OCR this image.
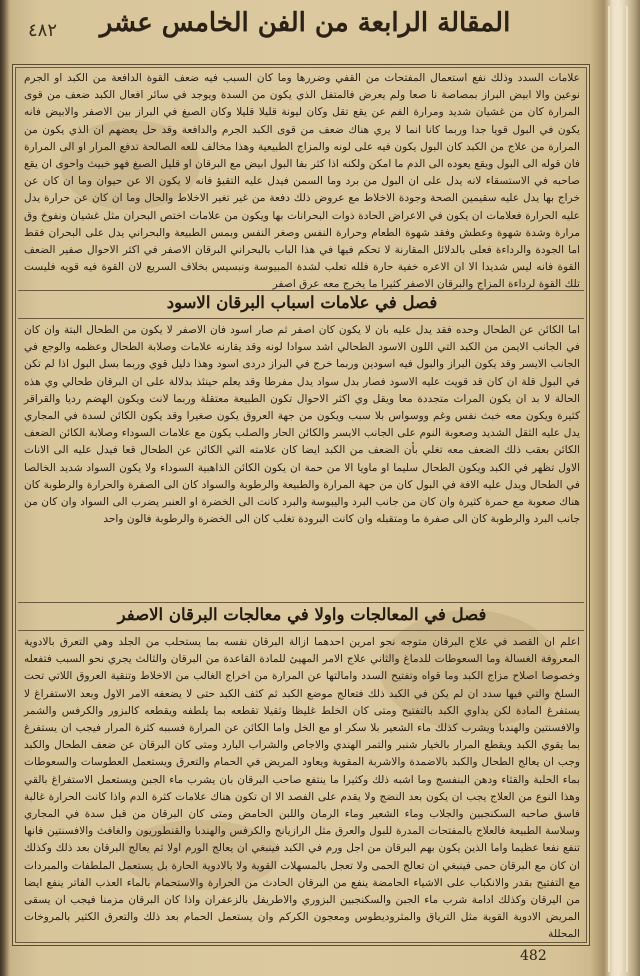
٤٨٢	المقالة الرابعة من الفن الخامس عشر
علامات السدد وذلك نفع استعمال المفتحات من القفي وضررها وما كان السبب فيه ضعف القوة الدافعة من الكبد او الجرم نوعين والا ابيض البراز بمصاصة نا صعا ولم يعرض فالمتفل الذي يكون من السدة ويوجد في سائر افعال الكبد ضعف من قوى المرارة كان من غشيان شديد ومرارة الفم عن يقع تقل وكان ليونة قليلا قليلا وكان الصبغ في البراز بين الاصفر والابيض فانه يكون في البول قويا جدا وربما كانا انما لا يري هناك ضعف من قوى الكبد الجرم والدافعة وقد حل يعضهم ان الذي يكون من المرارة من علاج من الكبد كان البول يكون فيه على لونه والمزاج الطبيعية وهذا مخالف للعه الصالحة تدفع المرار او الى المرارة فان قوله الى البول ويقع يعوده الى الدم ما امكن ولكنه اذا كثر بفا البول ابيض مع البرقان او قليل الصبغ فهو خبيث واحوى ان يقع صاحبه في الاستسقاء لانه يدل على ان البول من برد وما السمن فيدل عليه التقيؤ فانه لا يكون الا عن حيوان وما ان كان عن خراج بها يدل عليه سقيمين الصحة وجودة الاخلاط مع عروض ذلك دفعة من غير تغير الاخلاط والحال وما ان كان عن حرارة يدل عليه الحرارة فعلامات ان يكون في الاعراض الحادة ذوات البحرانات بها ويكون من علامات اختص البحران مثل غشيان ونفوخ وق مرارة وشدة شهوة وعطش وفقد شهوة الطعام وحرارة النفس وصغر النفس وبمس الطبيعة والبحراني يدل على البحران فقط اما الجودة والرداءة فعلى بالدلائل المقارنة لا تحكم فيها في هذا الباب بالبحراني البرقان الاصفر في اكثر الاحوال صفير الضعف القوة فانه ليس شديدا الا ان الاعره خفية حارة فلله تعلب لشدة المبيوسة ونبسيس بخلاف السريع لان القوة فيه قويه فليست تلك القوة لرداءة المزاج والبرقان الاصفر كثيرا ما يخرج معه عرق اصفر
فصل في علامات اسباب البرقان الاسود
اما الكائن عن الطحال وحده فقد يدل عليه بان لا يكون كان اصفر ثم صار اسود فان الاصفر لا يكون من الطحال البتة وان كان في الجانب الايمن من الكبد التي اللون الاسود الطحالي اشد سوادا لونه وقد يقارنه علامات وصلابة الطحال وعظمه والوجع في الجانب الايسر وقد يكون البراز والبول فيه اسودين وربما خرج في البراز دردى اسود وهذا دليل قوي وربما بسل البول اذا لم تكن في البول قلة ان كان قد قويت عليه الاسود فصار بدل سواد يدل مفرطا وقد يعلم حينئذ بدلالة على ان البرقان طحالي وي هذه الحالة لا بد ان يكون المرات متجددة معا ويقل وي اكثر الاحوال تكون الطبيعة معتقلة وربما لانت ويكون الهضم رديا والقراقر كثيرة ويكون معه خبث نفس وغم ووسواس بلا سبب ويكون من جهة العروق يكون صغيرا وقد يكون الكائن لسدة في المجاري يدل عليه الثقل الشديد وصعوبة النوم على الجانب الايسر والكائن الحار والصلب يكون مع علامات السوداء وصلابة الكائن الضعف الكائن بعقب ذلك الضعف معه تغلي بأن الضعف من الكبد ايضا كان علامته التي الكائن عن الطحال قعا فيدل عليه الى الانات الاول تظهر في الكبد ويكون الطحال سليما او ماويا الا من حمة ان يكون الكائن الذاهبية السوداء ولا يكون السواد شديد الخالصا في الطحال ويدل عليه الافة في البول كان من جهة المرارة والطبيعة والرطوبة والسواد كان الى الصفرة والحرارة والرطوبة كان هناك صعوبة مع حمرة كثيرة وان كان من جانب البرد واليبوسة والبرد كانت الى الخضرة او العنبر يضرب الى السواد وان كان من جانب البرد والرطوبة كان الى صفرة ما ومتقبله وان كانت البرودة تغلب كان الى الخضرة والرطوبة فالون واحد
فصل في المعالجات واولا في معالجات البرقان الاصفر
اعلم ان القصد في علاج البرقان متوجه نحو امرين احدهما ازالة البرقان نفسه بما يستحلب من الجلد وهي التعرق بالادوية المعروفة الغسالة وما السعوطات للدماغ والثاني علاج الامر المهيئ للمادة القاعدة من البرقان والثالث يجري نحو السبب فتفعله وخصوصا اصلاح مزاج الكبد وما قواه وتفتيح السدد وامالتها عن المرارة من اخراج الغالب من الاخلاط وتنقية العروق اللاتي تحت السلخ والتي فيها سدد ان لم يكن في الكبد ذلك فتعالج موضع الكبد ثم كثف الكبد حتى لا يضعفه الامر الاول وبعد الاستفراغ لا يستفرغ المادة لكن يداوي الكبد بالتفتيح ومتى كان الخلط غليظا وثقيلا تقطعه بما يلطفه ويقطعه كالبزور والكرفس والشمر والافسنتين والهندبا ويشرب كذلك ماء الشعير بلا سكر او مع الخل واما الكائن عن المرارة فسببه كثرة المرار فيجب ان يستفرغ بما يقوي الكبد ويقطع المرار بالخيار شنبر والتمر الهندي والاجاص والشراب البارد ومتى كان البرقان عن ضعف الطحال والكبد وجب ان يعالج الطحال والكبد بالاضمدة والاشربة المقوية ويعاود المريض في الحمام والتعرق ويستعمل العطوسات والسعوطات بماء الحلبة والقثاء ودهن البنفسج وما اشبه ذلك وكثيرا ما ينتفع صاحب البرقان بان يشرب ماء الجبن ويستعمل الاستفراغ بالقي وهذا النوع من العلاج يجب ان يكون بعد النضج ولا يقدم على الفصد الا ان تكون هناك علامات كثرة الدم واذا كانت الحرارة غالبة فاسق صاحبه السكنجبين والجلاب وماء الشعير وماء الرمان واللبن الحامض ومتى كان البرقان من قبل سدة في المجاري وسلاسة الطبيعة فالعلاج بالمفتحات المدرة للبول والعرق مثل الرازيانج والكرفس والهندبا والقنطوريون والغافث والافسنتين فانها تنفع نفعا عظيما واما الذين يكون بهم البرقان من اجل ورم في الكبد فينبغي ان يعالج الورم اولا ثم يعالج البرقان بعد ذلك وكذلك ان كان مع البرقان حمى فينبغي ان تعالج الحمى ولا تعجل بالمسهلات القوية ولا بالادوية الحارة بل يستعمل الملطفات والمبردات مع التفتيح بقدر والانكباب على الاشياء الحامضة ينفع من البرقان الحادث من الحرارة والاستحمام بالماء العذب الفاتر ينفع ايضا من اليرقان وكذلك ادامة شرب ماء الجبن والسكنجبين البزوري والاطريفل بالزعفران واذا كان البرقان مزمنا فيجب ان يسقى المريض الادوية القوية مثل الترياق والمثروديطوس ومعجون الكركم وان يستعمل الحمام بعد ذلك والتعرق الكثير بالمروخات المحللة
482
